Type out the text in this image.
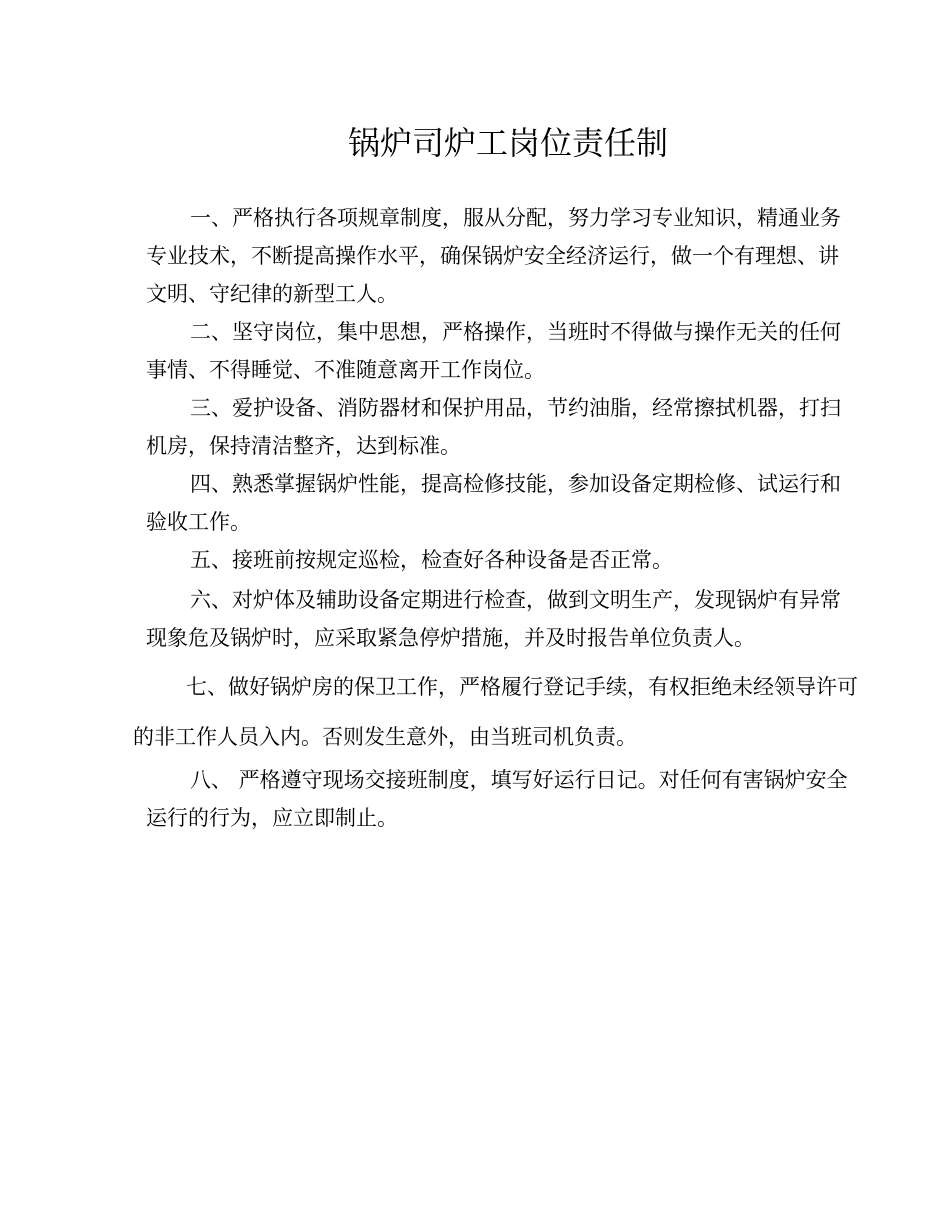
锅炉司炉工岗位责任制
一、严格执行各项规章制度，服从分配，努力学习专业知识，精通业务
专业技术，不断提高操作水平，确保锅炉安全经济运行，做一个有理想、讲
文明、守纪律的新型工人。
二、坚守岗位，集中思想，严格操作，当班时不得做与操作无关的任何
事情、不得睡觉、不准随意离开工作岗位。
三、爱护设备、消防器材和保护用品，节约油脂，经常擦拭机器，打扫
机房，保持清洁整齐，达到标准。
四、熟悉掌握锅炉性能，提高检修技能，参加设备定期检修、试运行和
验收工作。
五、接班前按规定巡检，检查好各种设备是否正常。
六、对炉体及辅助设备定期进行检查，做到文明生产，发现锅炉有异常
现象危及锅炉时，应采取紧急停炉措施，并及时报告单位负责人。
七、做好锅炉房的保卫工作，严格履行登记手续，有权拒绝未经领导许可
的非工作人员入内。否则发生意外，由当班司机负责。
八、 严格遵守现场交接班制度，填写好运行日记。对任何有害锅炉安全
运行的行为，应立即制止。
